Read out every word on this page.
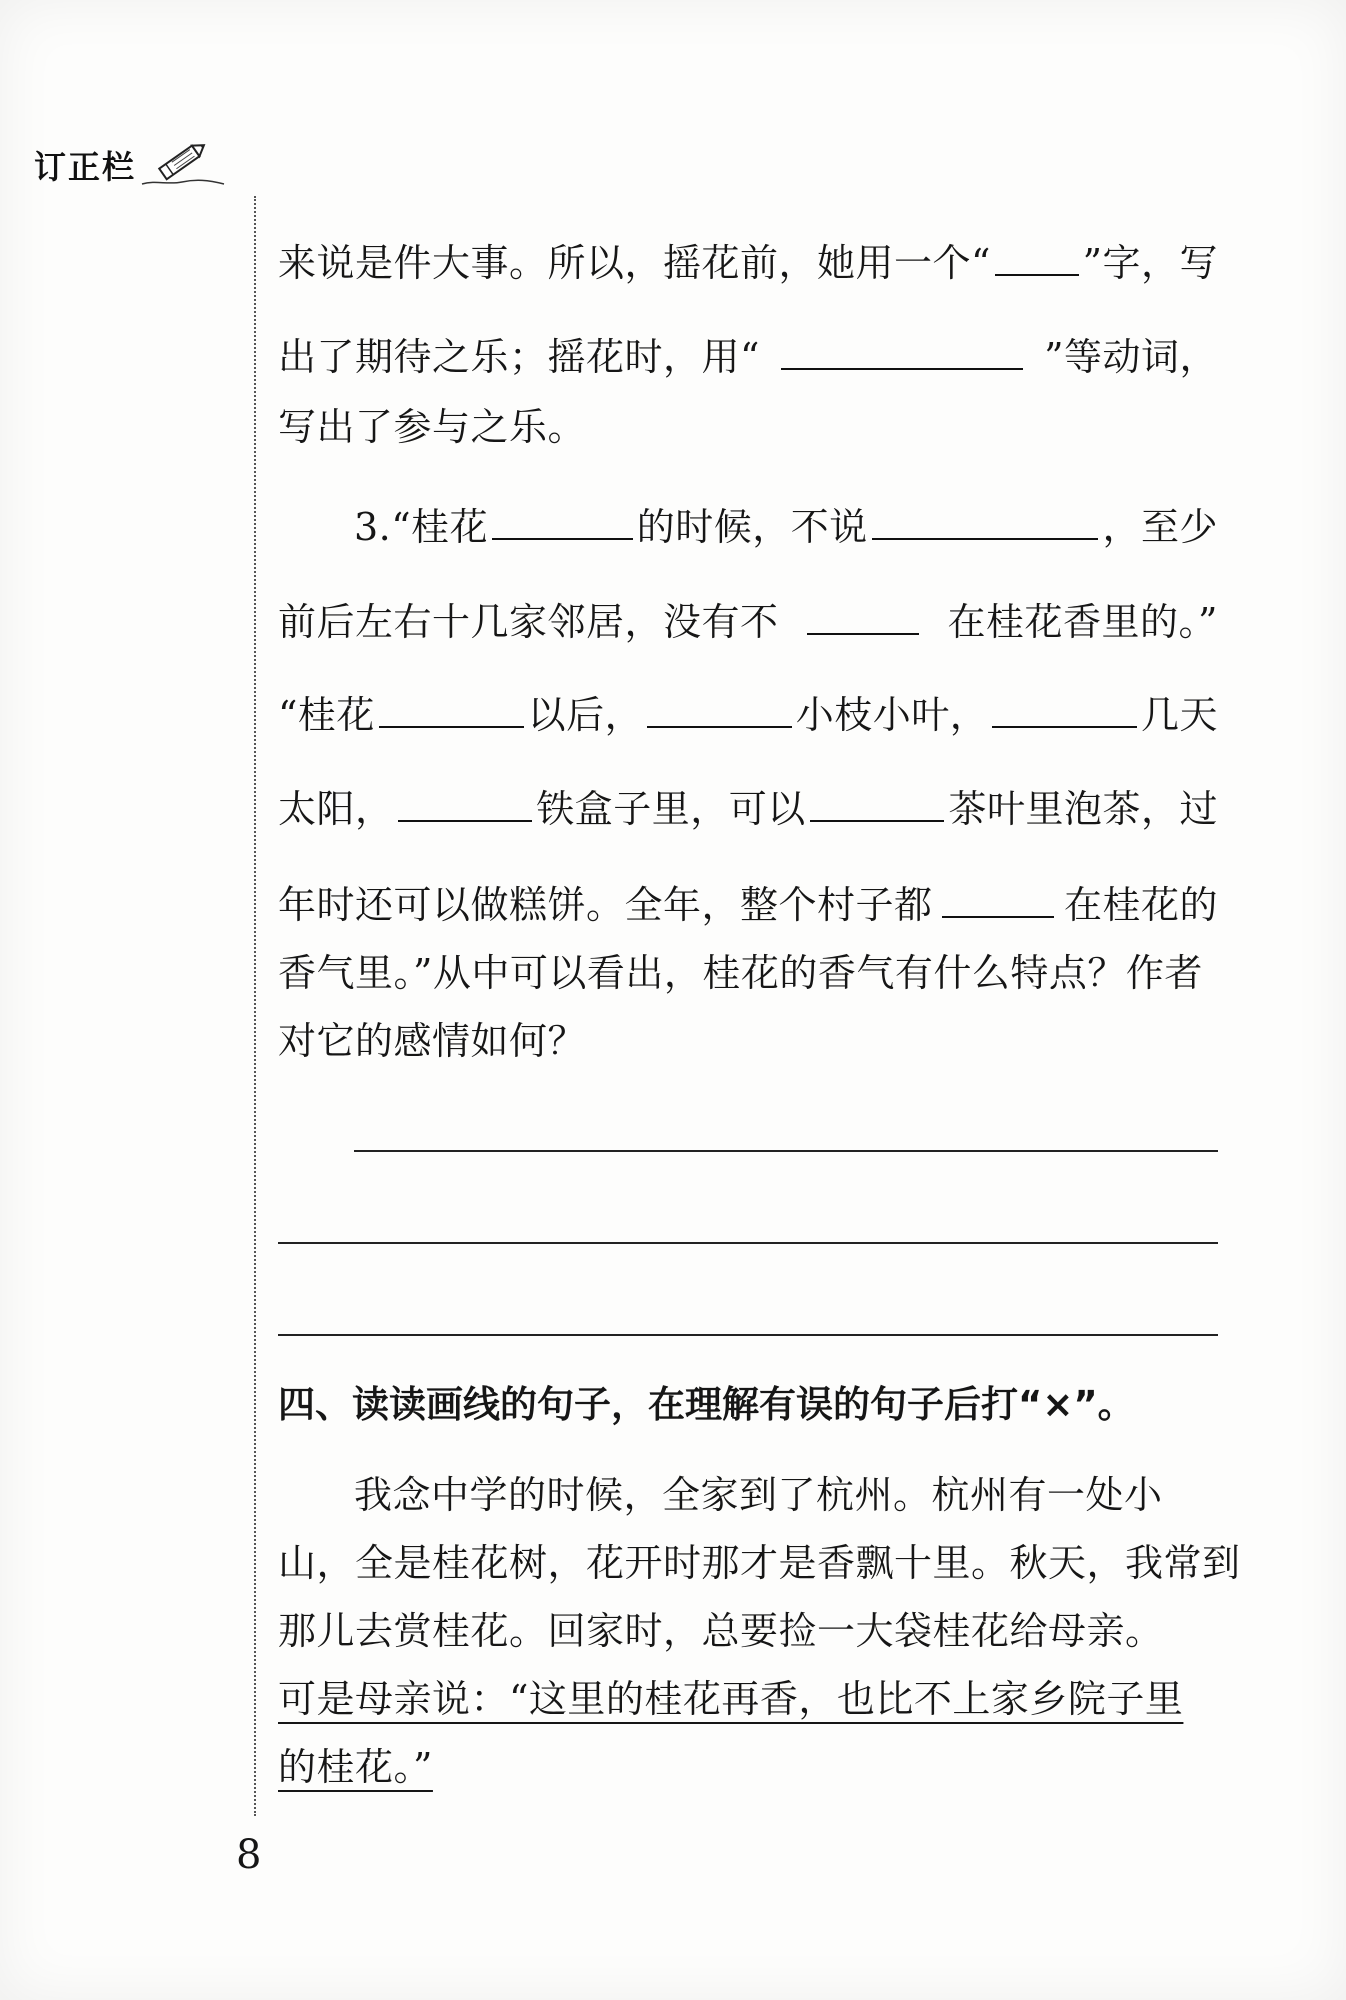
订正栏
来说是件大事。所以，摇花前，她用一个“ ”字，写
出了期待之乐；摇花时，用“	”等动词，
写出了参与之乐。
3.“桂花	的时候，不说	，至少
前后左右十几家邻居，没有不	在桂花香里的。”
“桂花	以后，	小枝小叶，	几天
太阳，	铁盒子里，可以	茶叶里泡茶，过
年时还可以做糕饼。全年，整个村子都	在桂花的
香气里。”从中可以看出，桂花的香气有什么特点？作者
对它的感情如何？
四、读读画线的句子，在理解有误的句子后打“×”。
我念中学的时候，全家到了杭州。杭州有一处小
山，全是桂花树，花开时那才是香飘十里。秋天，我常到
那儿去赏桂花。回家时，总要捡一大袋桂花给母亲。
可是母亲说：“这里的桂花再香，也比不上家乡院子里
的桂花。”
8
